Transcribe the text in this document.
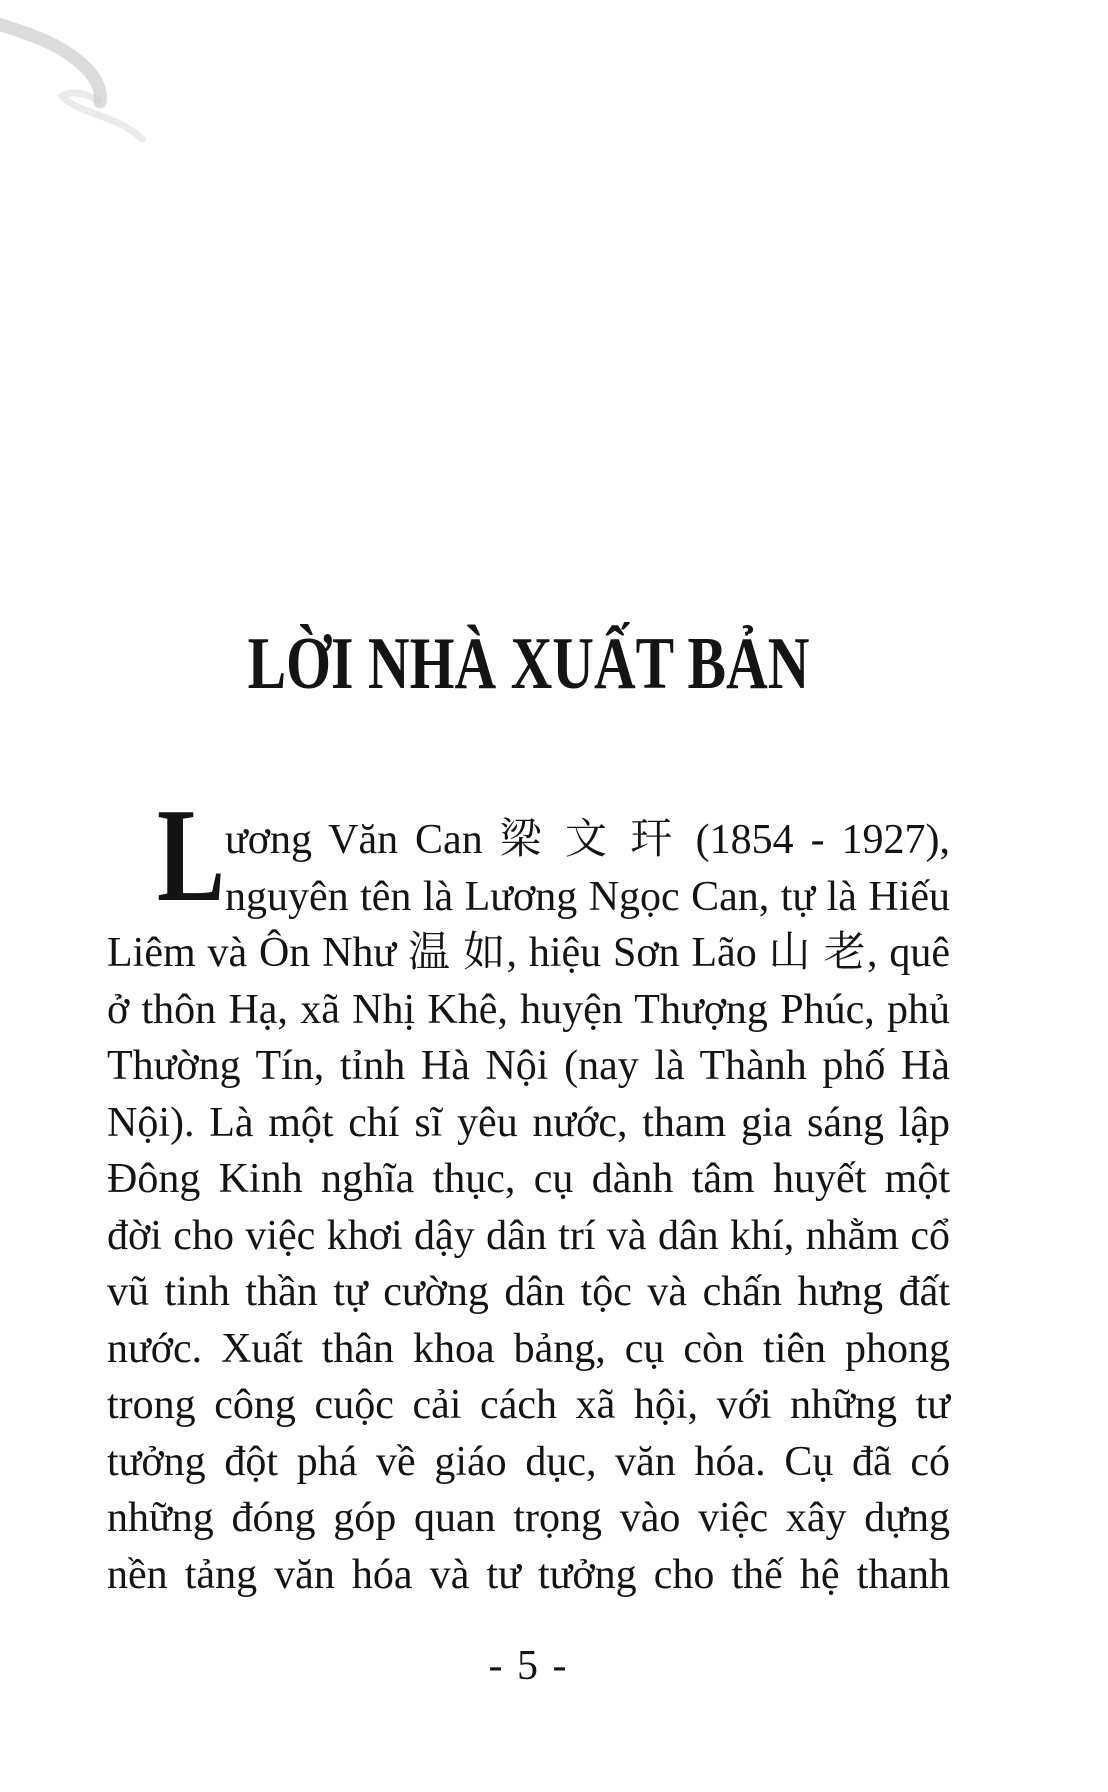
LỜI NHÀ XUẤT BẢN
L ương Văn Can 梁 文 玕 (1854 - 1927),
nguyên tên là Lương Ngọc Can, tự là Hiếu
Liêm và Ôn Như 温 如, hiệu Sơn Lão 山 老, quê
ở thôn Hạ, xã Nhị Khê, huyện Thượng Phúc, phủ
Thường Tín, tỉnh Hà Nội (nay là Thành phố Hà
Nội). Là một chí sĩ yêu nước, tham gia sáng lập
Đông Kinh nghĩa thục, cụ dành tâm huyết một
đời cho việc khơi dậy dân trí và dân khí, nhằm cổ
vũ tinh thần tự cường dân tộc và chấn hưng đất
nước. Xuất thân khoa bảng, cụ còn tiên phong
trong công cuộc cải cách xã hội, với những tư
tưởng đột phá về giáo dục, văn hóa. Cụ đã có
những đóng góp quan trọng vào việc xây dựng
nền tảng văn hóa và tư tưởng cho thế hệ thanh
- 5 -
